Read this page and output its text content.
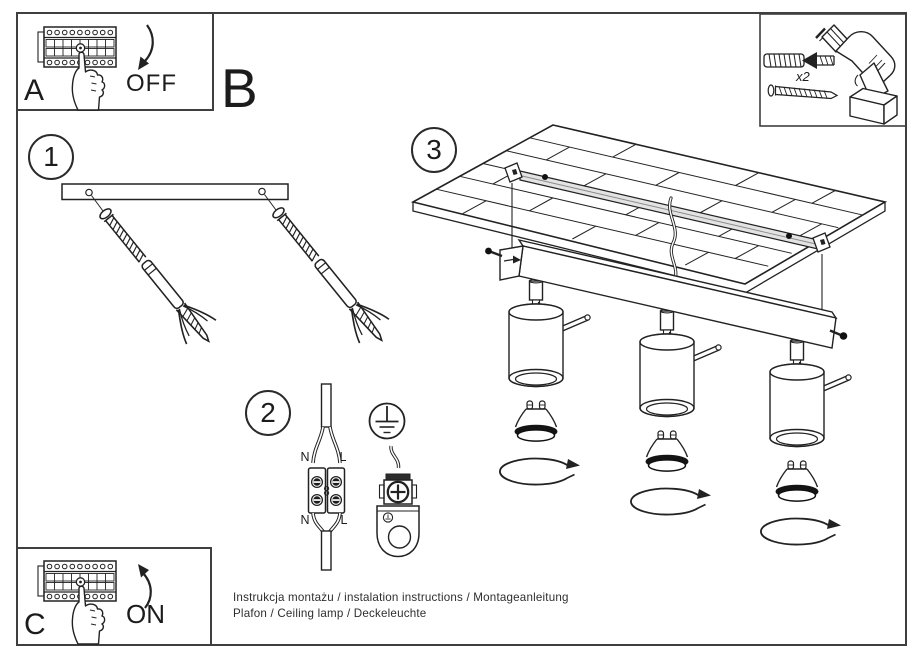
A	OFF B	x2
1
2
3
N L
N L
C	ON
Instrukcja montażu / instalation instructions / Montageanleitung
Plafon / Ceiling lamp / Deckeleuchte
